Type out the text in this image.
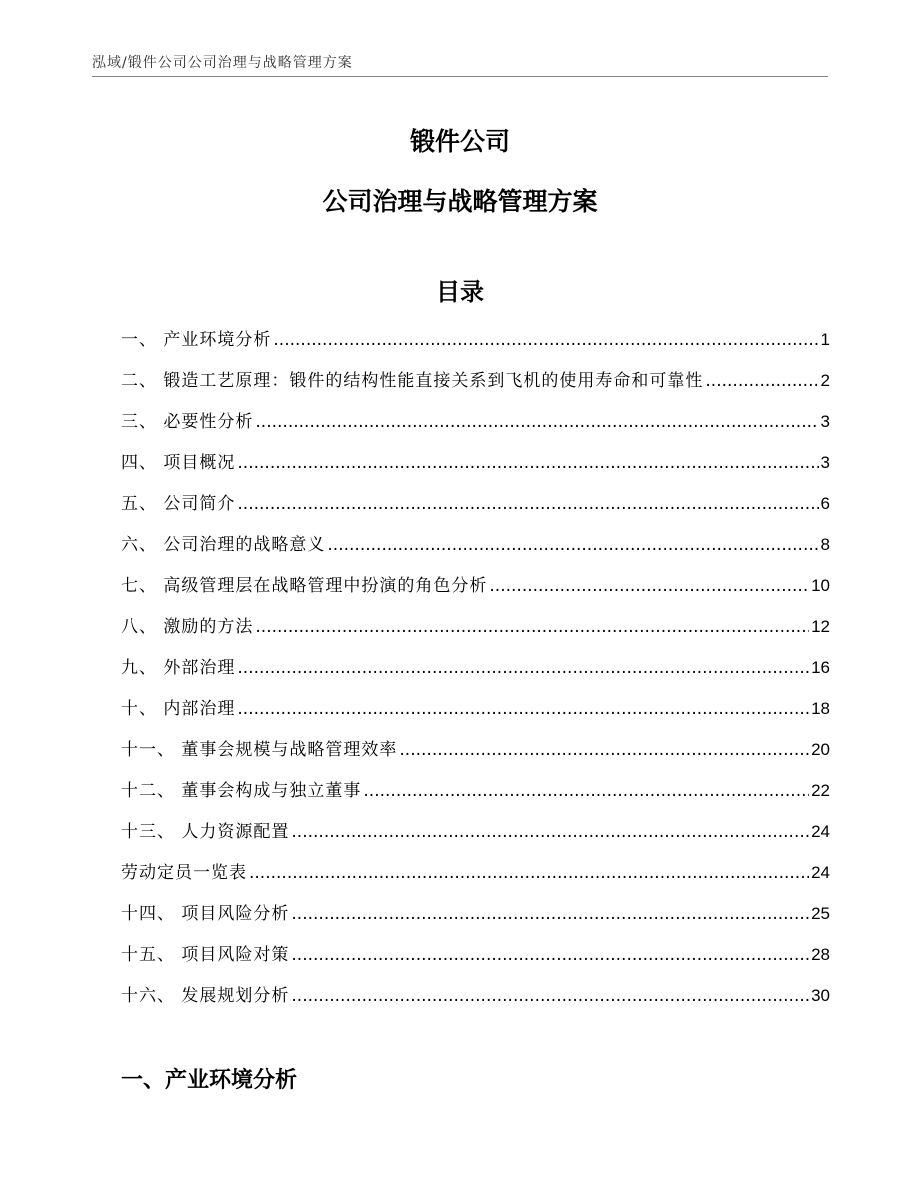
泓域/锻件公司公司治理与战略管理方案
锻件公司
公司治理与战略管理方案
目录
一、 产业环境分析 .....	1
二、 锻造工艺原理：锻件的结构性能直接关系到飞机的使用寿命和可靠性 .....	2
三、 必要性分析 .....	3
四、 项目概况 .....	3
五、 公司简介 .....	6
六、 公司治理的战略意义 .....	8
七、 高级管理层在战略管理中扮演的角色分析 .....	10
八、 激励的方法 .....	12
九、 外部治理 .....	16
十、 内部治理 .....	18
十一、 董事会规模与战略管理效率 .....	20
十二、 董事会构成与独立董事 .....	22
十三、 人力资源配置 .....	24
劳动定员一览表 .....	24
十四、 项目风险分析 .....	25
十五、 项目风险对策 .....	28
十六、 发展规划分析 .....	30
一、产业环境分析
